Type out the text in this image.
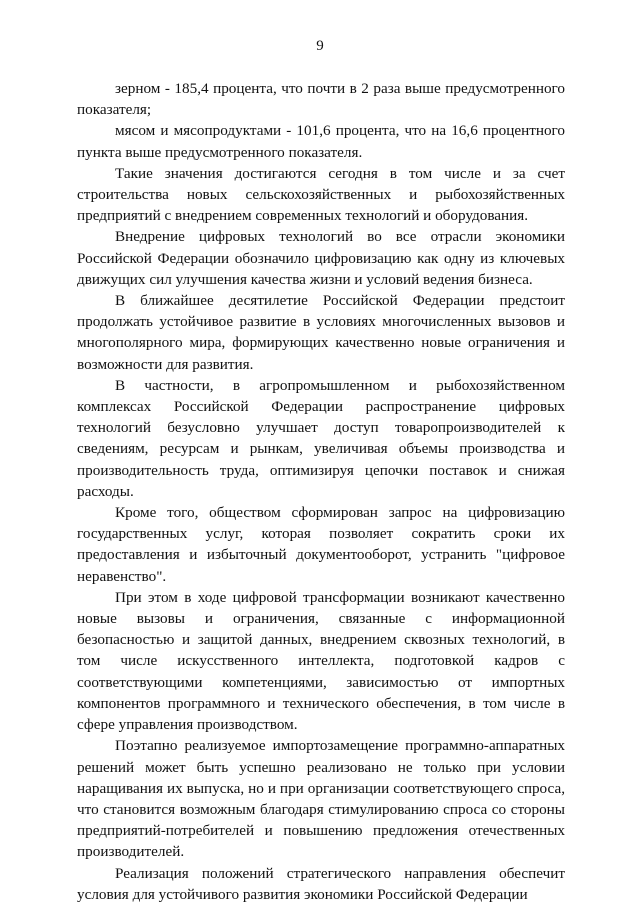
9

зерном - 185,4 процента, что почти в 2 раза выше предусмотренного показателя;

мясом и мясопродуктами - 101,6 процента, что на 16,6 процентного пункта выше предусмотренного показателя.

Такие значения достигаются сегодня в том числе и за счет строительства новых сельскохозяйственных и рыбохозяйственных предприятий с внедрением современных технологий и оборудования.

Внедрение цифровых технологий во все отрасли экономики Российской Федерации обозначило цифровизацию как одну из ключевых движущих сил улучшения качества жизни и условий ведения бизнеса.

В ближайшее десятилетие Российской Федерации предстоит продолжать устойчивое развитие в условиях многочисленных вызовов и многополярного мира, формирующих качественно новые ограничения и возможности для развития.

В частности, в агропромышленном и рыбохозяйственном комплексах Российской Федерации распространение цифровых технологий безусловно улучшает доступ товаропроизводителей к сведениям, ресурсам и рынкам, увеличивая объемы производства и производительность труда, оптимизируя цепочки поставок и снижая расходы.

Кроме того, обществом сформирован запрос на цифровизацию государственных услуг, которая позволяет сократить сроки их предоставления и избыточный документооборот, устранить "цифровое неравенство".

При этом в ходе цифровой трансформации возникают качественно новые вызовы и ограничения, связанные с информационной безопасностью и защитой данных, внедрением сквозных технологий, в том числе искусственного интеллекта, подготовкой кадров с соответствующими компетенциями, зависимостью от импортных компонентов программного и технического обеспечения, в том числе в сфере управления производством.

Поэтапно реализуемое импортозамещение программно-аппаратных решений может быть успешно реализовано не только при условии наращивания их выпуска, но и при организации соответствующего спроса, что становится возможным благодаря стимулированию спроса со стороны предприятий-потребителей и повышению предложения отечественных производителей.

Реализация положений стратегического направления обеспечит условия для устойчивого развития экономики Российской Федерации
